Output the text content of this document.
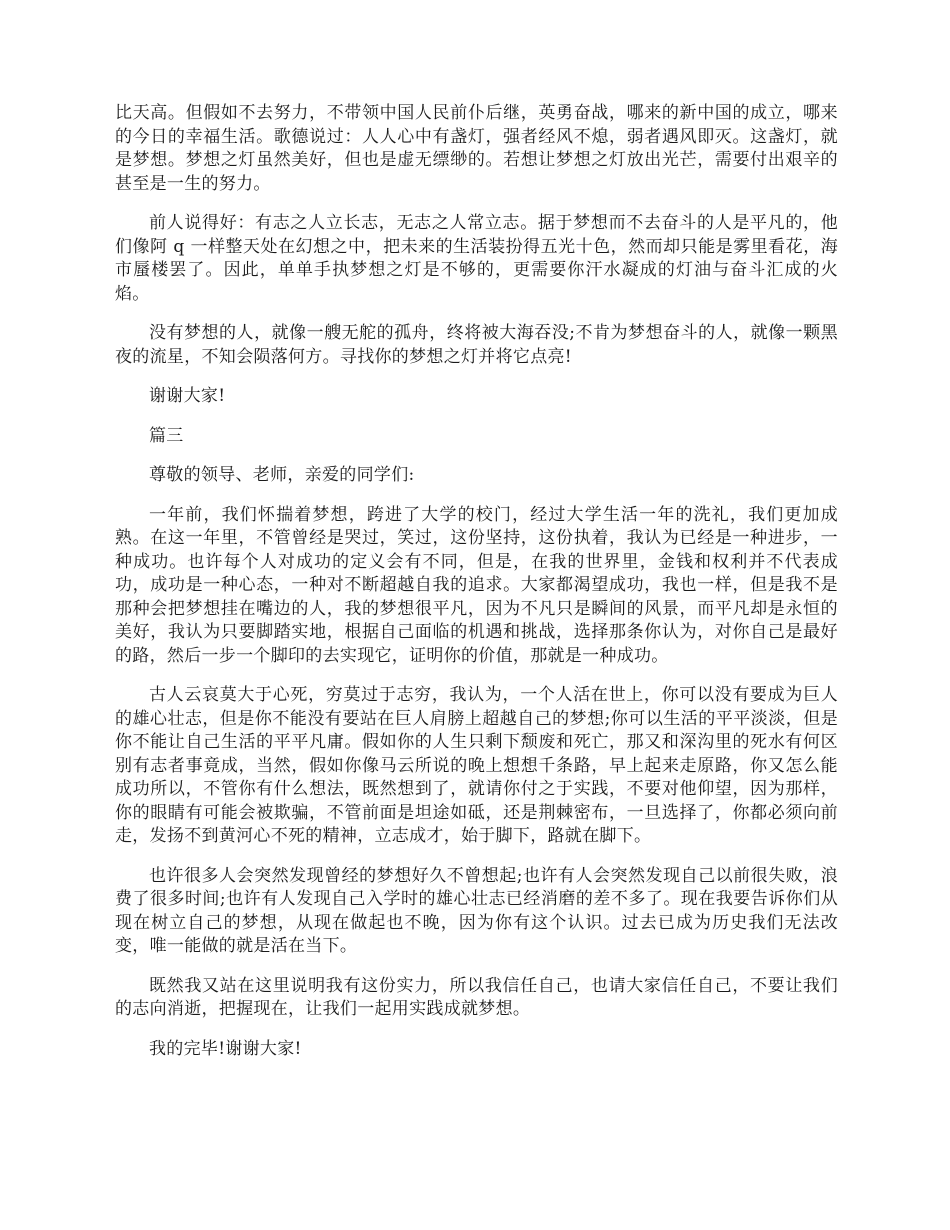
比天高。但假如不去努力，不带领中国人民前仆后继，英勇奋战，哪来的新中国的成立，哪来的今日的幸福生活。歌德说过：人人心中有盏灯，强者经风不熄，弱者遇风即灭。这盏灯，就是梦想。梦想之灯虽然美好，但也是虚无缥缈的。若想让梦想之灯放出光芒，需要付出艰辛的甚至是一生的努力。

前人说得好：有志之人立长志，无志之人常立志。据于梦想而不去奋斗的人是平凡的，他们像阿 q 一样整天处在幻想之中，把未来的生活装扮得五光十色，然而却只能是雾里看花，海市蜃楼罢了。因此，单单手执梦想之灯是不够的，更需要你汗水凝成的灯油与奋斗汇成的火焰。

没有梦想的人，就像一艘无舵的孤舟，终将被大海吞没;不肯为梦想奋斗的人，就像一颗黑夜的流星，不知会陨落何方。寻找你的梦想之灯并将它点亮!

谢谢大家!

篇三

尊敬的领导、老师，亲爱的同学们:

一年前，我们怀揣着梦想，跨进了大学的校门，经过大学生活一年的洗礼，我们更加成熟。在这一年里，不管曾经是哭过，笑过，这份坚持，这份执着，我认为已经是一种进步，一种成功。也许每个人对成功的定义会有不同，但是，在我的世界里，金钱和权利并不代表成功，成功是一种心态，一种对不断超越自我的追求。大家都渴望成功，我也一样，但是我不是那种会把梦想挂在嘴边的人，我的梦想很平凡，因为不凡只是瞬间的风景，而平凡却是永恒的美好，我认为只要脚踏实地，根据自己面临的机遇和挑战，选择那条你认为，对你自己是最好的路，然后一步一个脚印的去实现它，证明你的价值，那就是一种成功。

古人云哀莫大于心死，穷莫过于志穷，我认为，一个人活在世上，你可以没有要成为巨人的雄心壮志，但是你不能没有要站在巨人肩膀上超越自己的梦想;你可以生活的平平淡淡，但是你不能让自己生活的平平凡庸。假如你的人生只剩下颓废和死亡，那又和深沟里的死水有何区别有志者事竟成，当然，假如你像马云所说的晚上想想千条路，早上起来走原路，你又怎么能成功所以，不管你有什么想法，既然想到了，就请你付之于实践，不要对他仰望，因为那样，你的眼睛有可能会被欺骗，不管前面是坦途如砥，还是荆棘密布，一旦选择了，你都必须向前走，发扬不到黄河心不死的精神，立志成才，始于脚下，路就在脚下。

也许很多人会突然发现曾经的梦想好久不曾想起;也许有人会突然发现自己以前很失败，浪费了很多时间;也许有人发现自己入学时的雄心壮志已经消磨的差不多了。现在我要告诉你们从现在树立自己的梦想，从现在做起也不晚，因为你有这个认识。过去已成为历史我们无法改变，唯一能做的就是活在当下。

既然我又站在这里说明我有这份实力，所以我信任自己，也请大家信任自己，不要让我们的志向消逝，把握现在，让我们一起用实践成就梦想。

我的完毕!谢谢大家!
